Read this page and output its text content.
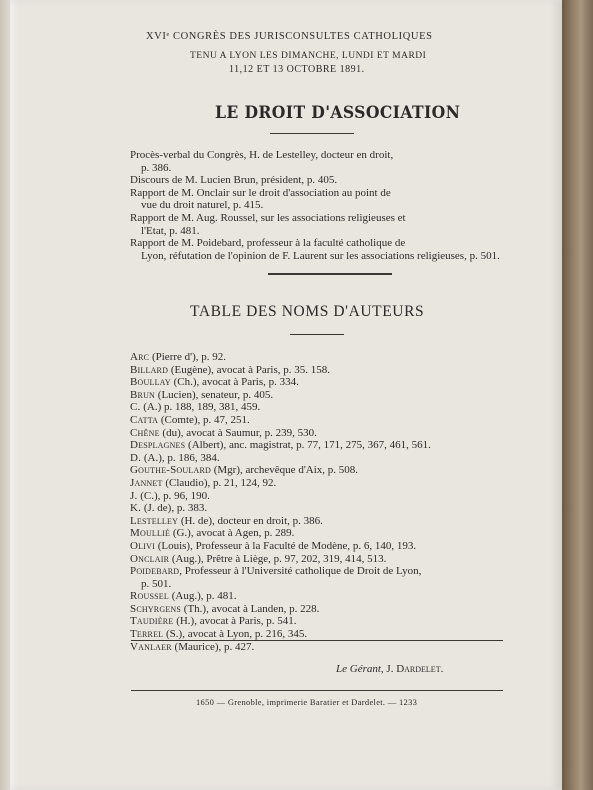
XVIᵉ CONGRÈS DES JURISCONSULTES CATHOLIQUES
TENU A LYON LES DIMANCHE, LUNDI ET MARDI
11,12 ET 13 OCTOBRE 1891.
LE DROIT D'ASSOCIATION
Procès-verbal du Congrès, H. de Lestelley, docteur en droit,
p. 386.
Discours de M. Lucien Brun, président, p. 405.
Rapport de M. Onclair sur le droit d'association au point de
vue du droit naturel, p. 415.
Rapport de M. Aug. Roussel, sur les associations religieuses et
l'Etat, p. 481.
Rapport de M. Poidebard, professeur à la faculté catholique de
Lyon, réfutation de l'opinion de F. Laurent sur les associations religieuses, p. 501.
TABLE DES NOMS D'AUTEURS
Arc (Pierre d'), p. 92.
Billard (Eugène), avocat à Paris, p. 35. 158.
Boullay (Ch.), avocat à Paris, p. 334.
Brun (Lucien), senateur, p. 405.
C. (A.) p. 188, 189, 381, 459.
Catta (Comte), p. 47, 251.
Chêne (du), avocat à Saumur, p. 239, 530.
Desplagnes (Albert), anc. magistrat, p. 77, 171, 275, 367, 461, 561.
D. (A.), p. 186, 384.
Gouthe-Soulard (Mgr), archevêque d'Aix, p. 508.
Jannet (Claudio), p. 21, 124, 92.
J. (C.), p. 96, 190.
K. (J. de), p. 383.
Lestelley (H. de), docteur en droit, p. 386.
Moullié (G.), avocat à Agen, p. 289.
Olivi (Louis), Professeur à la Faculté de Modène, p. 6, 140, 193.
Onclair (Aug.), Prêtre à Liège, p. 97, 202, 319, 414, 513.
Poidebard, Professeur à l'Université catholique de Droit de Lyon,
p. 501.
Roussel (Aug.), p. 481.
Schyrgens (Th.), avocat à Landen, p. 228.
Taudière (H.), avocat à Paris, p. 541.
Terrel (S.), avocat à Lyon, p. 216, 345.
Vanlaer (Maurice), p. 427.
Le Gérant, J. Dardelet.
1650 — Grenoble, imprimerie Baratier et Dardelet. — 1233
